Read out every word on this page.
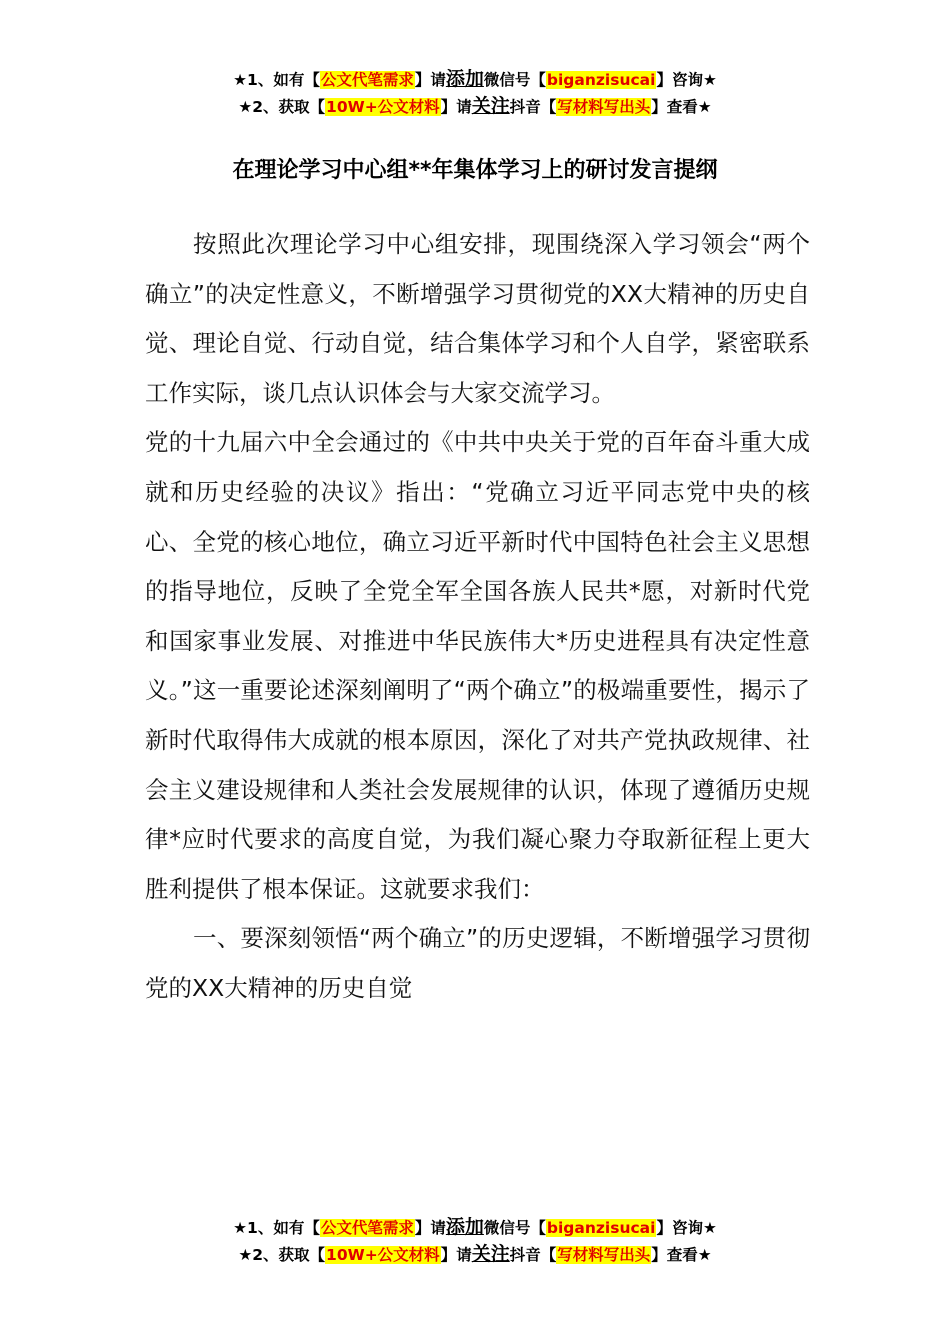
★1、如有【公文代笔需求】请添加微信号【biganzisucai】咨询★
★2、获取【10W+公文材料】请关注抖音【写材料写出头】查看★
在理论学习中心组**年集体学习上的研讨发言提纲

按照此次理论学习中心组安排，现围绕深入学习领会“两个确立”的决定性意义，不断增强学习贯彻党的XX大精神的历史自觉、理论自觉、行动自觉，结合集体学习和个人自学，紧密联系工作实际，谈几点认识体会与大家交流学习。

党的十九届六中全会通过的《中共中央关于党的百年奋斗重大成就和历史经验的决议》指出：“党确立习近平同志党中央的核心、全党的核心地位，确立习近平新时代中国特色社会主义思想的指导地位，反映了全党全军全国各族人民共*愿，对新时代党和国家事业发展、对推进中华民族伟大*历史进程具有决定性意义。”这一重要论述深刻阐明了“两个确立”的极端重要性，揭示了新时代取得伟大成就的根本原因，深化了对共产党执政规律、社会主义建设规律和人类社会发展规律的认识，体现了遵循历史规律*应时代要求的高度自觉，为我们凝心聚力夺取新征程上更大胜利提供了根本保证。这就要求我们：

一、要深刻领悟“两个确立”的历史逻辑，不断增强学习贯彻党的XX大精神的历史自觉

★1、如有【公文代笔需求】请添加微信号【biganzisucai】咨询★
★2、获取【10W+公文材料】请关注抖音【写材料写出头】查看★
